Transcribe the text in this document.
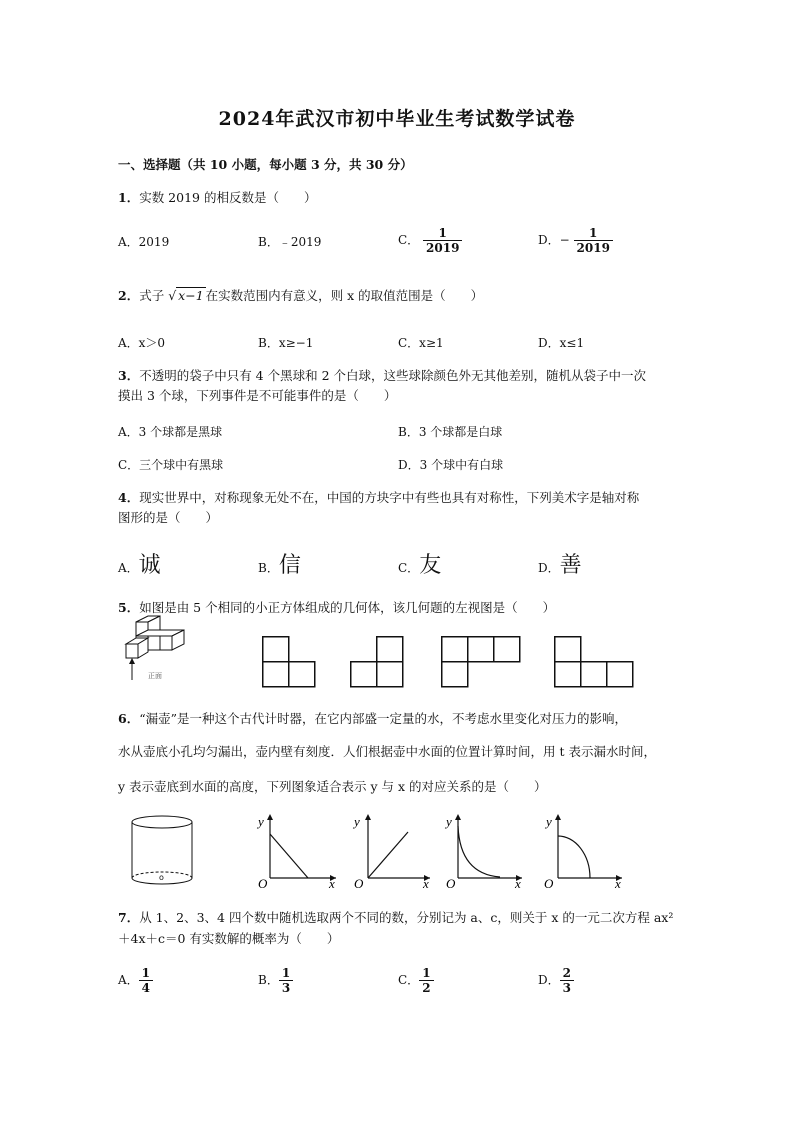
2024年武汉市初中毕业生考试数学试卷
一、选择题（共 10 小题，每小题 3 分，共 30 分）
1．实数 2019 的相反数是（　　）
A．2019	B．﹣2019	C． $\frac{1}{2019}$	D．− $\frac{1}{2019}$
2．式子 √ x−1 在实数范围内有意义，则 x 的取值范围是（　　）
A．x＞0	B．x≥−1	C．x≥1	D．x≤1
3．不透明的袋子中只有 4 个黑球和 2 个白球，这些球除颜色外无其他差别，随机从袋子中一次
摸出 3 个球，下列事件是不可能事件的是（　　）
A．3 个球都是黑球	B．3 个球都是白球
C．三个球中有黑球	D．3 个球中有白球
4．现实世界中，对称现象无处不在，中国的方块字中有些也具有对称性，下列美术字是轴对称
图形的是（　　）
A．诚	B．信	C．友	D．善
5．如图是由 5 个相同的小正方体组成的几何体，该几何题的左视图是（　　）
正面
6．“漏壶”是一种这个古代计时器，在它内部盛一定量的水，不考虑水里变化对压力的影响，
水从壶底小孔均匀漏出，壶内壁有刻度．人们根据壶中水面的位置计算时间，用 t 表示漏水时间，
y 表示壶底到水面的高度，下列图象适合表示 y 与 x 的对应关系的是（　　）
o
y
x
O
y
x
O
y
x
O
y
x
O
7．从 1、2、3、4 四个数中随机选取两个不同的数，分别记为 a、c，则关于 x 的一元二次方程 ax²
＋4x＋c＝0 有实数解的概率为（　　）
A． $\frac{1}{4}$	B． $\frac{1}{3}$	C． $\frac{1}{2}$	D． $\frac{2}{3}$
